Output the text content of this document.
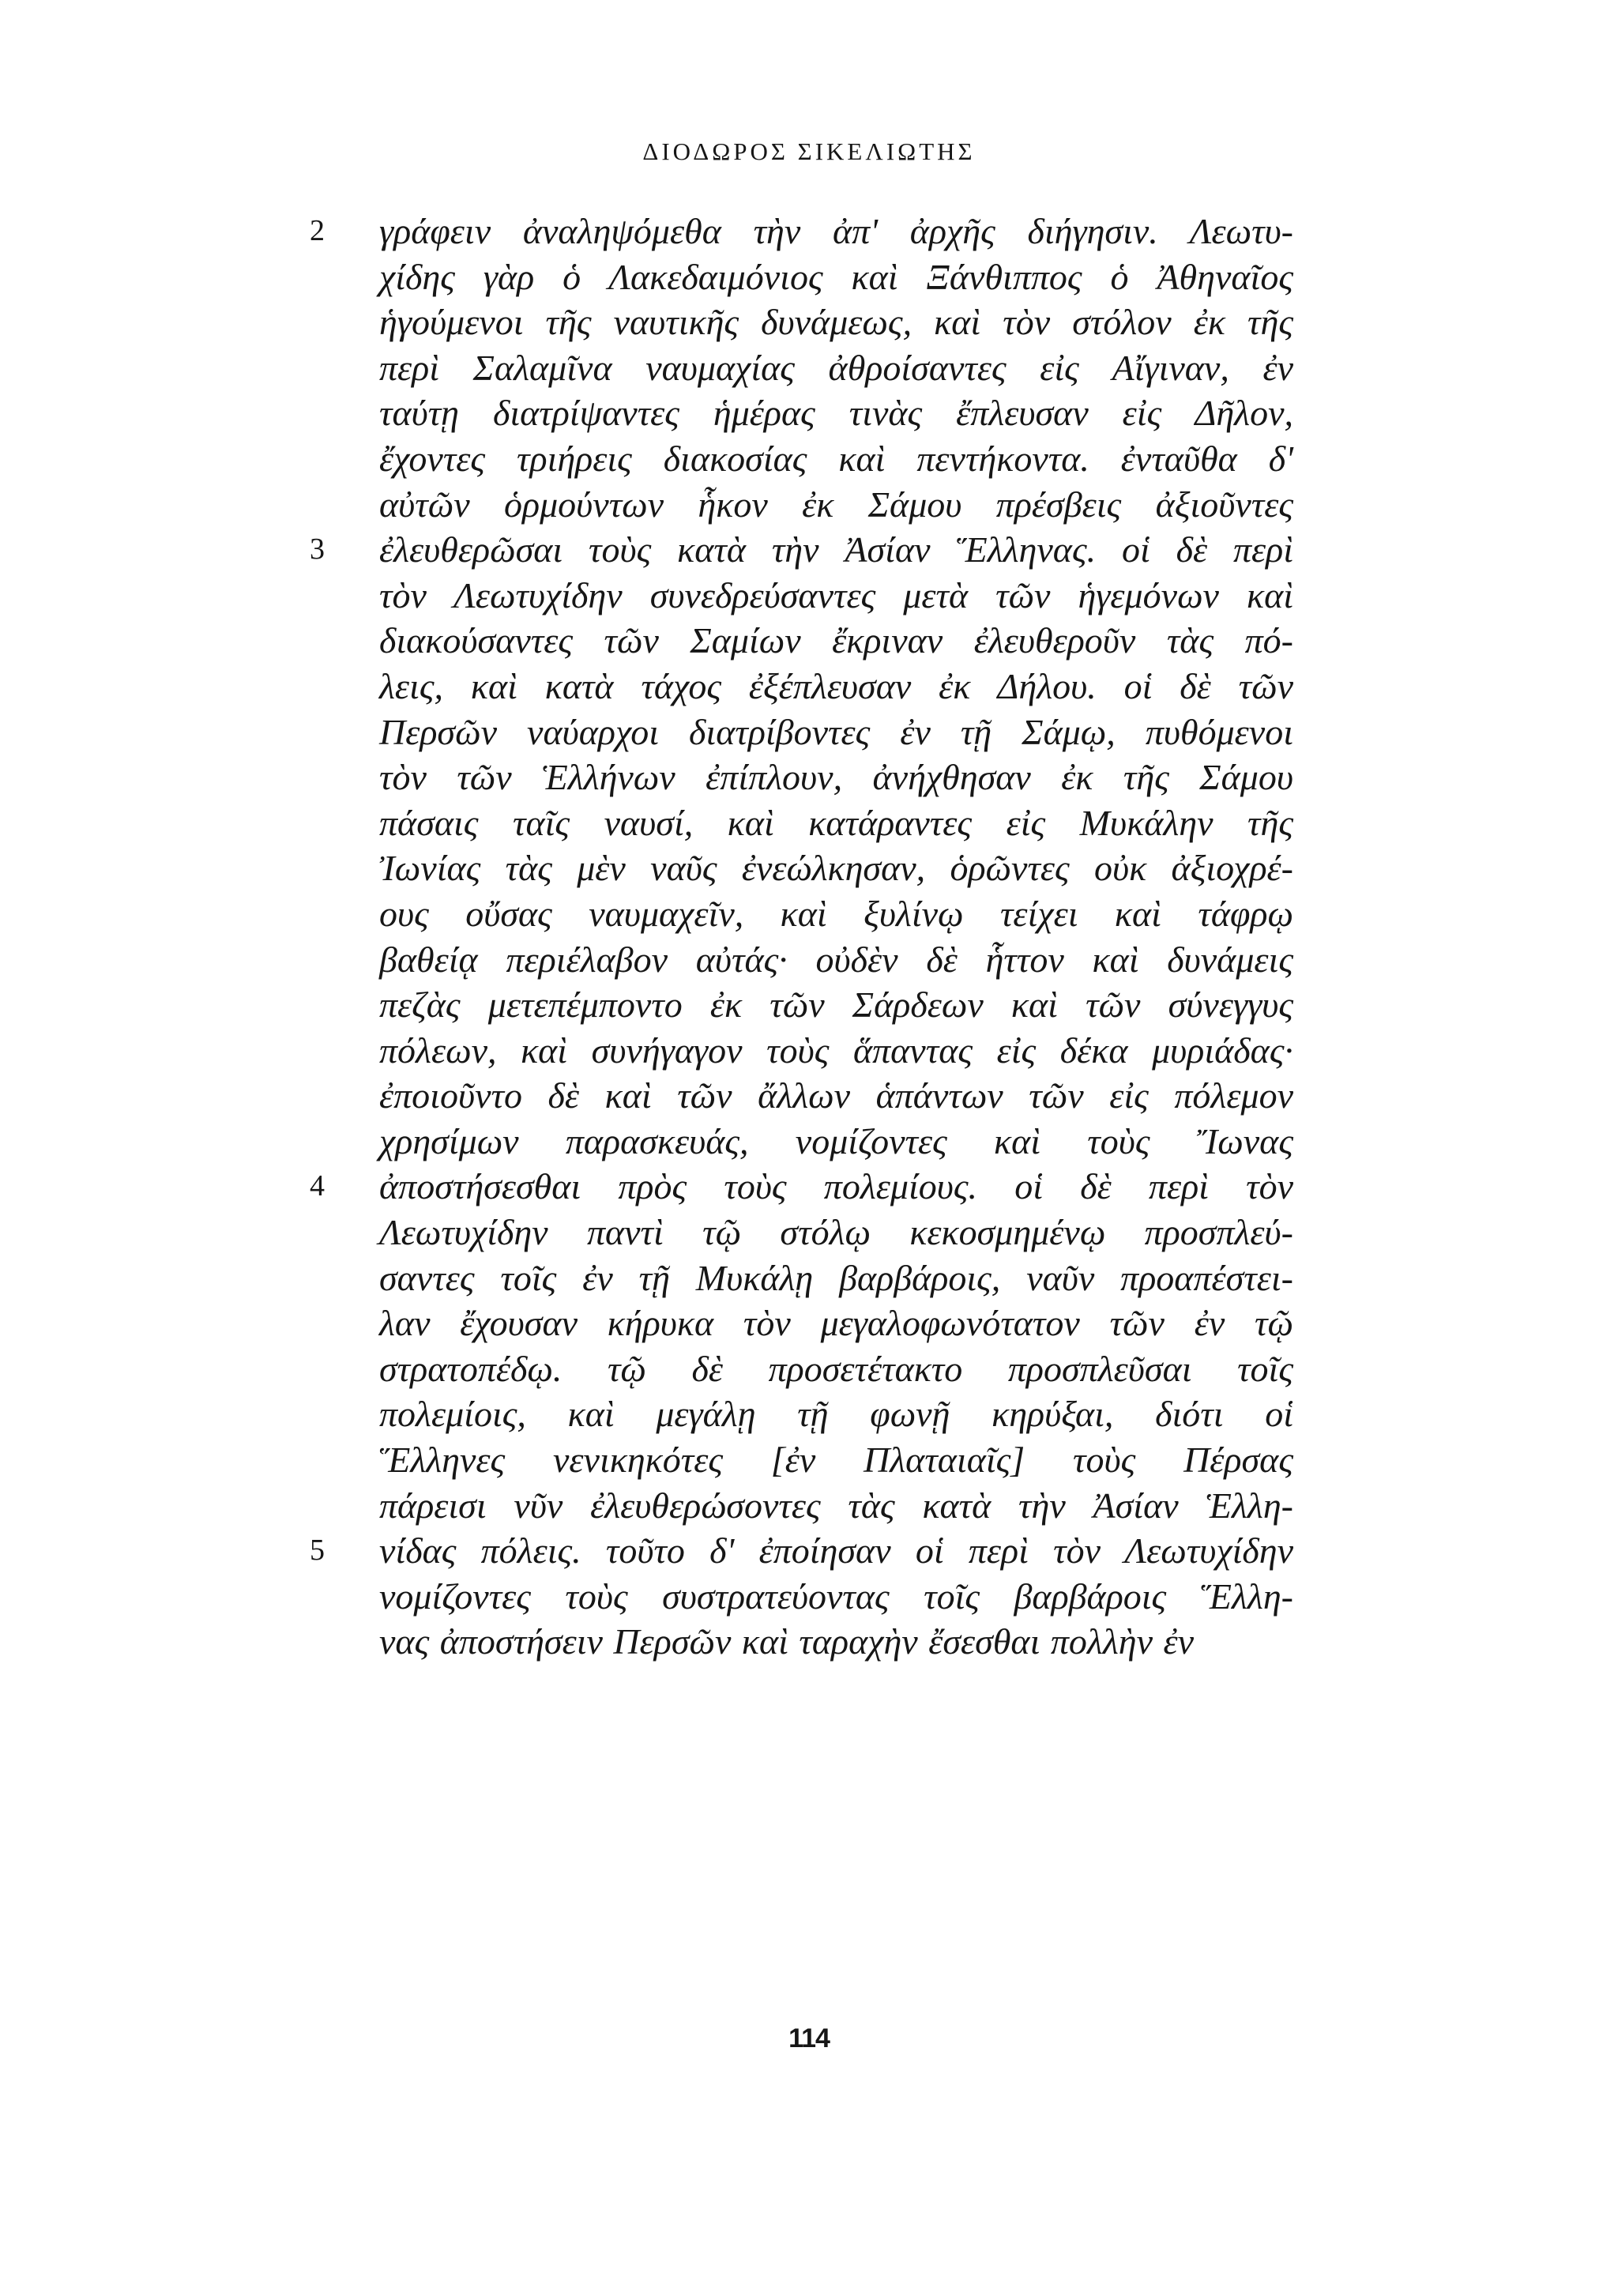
ΔΙΟΔΩΡΟΣ ΣΙΚΕΛΙΩΤΗΣ
2 γράφειν ἀναληψόμεθα τὴν ἀπ' ἀρχῆς διήγησιν. Λεωτυ-
χίδης γὰρ ὁ Λακεδαιμόνιος καὶ Ξάνθιππος ὁ Ἀθηναῖος
ἡγούμενοι τῆς ναυτικῆς δυνάμεως, καὶ τὸν στόλον ἐκ τῆς
περὶ Σαλαμῖνα ναυμαχίας ἀθροίσαντες εἰς Αἴγιναν, ἐν
ταύτῃ διατρίψαντες ἡμέρας τινὰς ἔπλευσαν εἰς Δῆλον,
ἔχοντες τριήρεις διακοσίας καὶ πεντήκοντα. ἐνταῦθα δ'
αὐτῶν ὁρμούντων ἧκον ἐκ Σάμου πρέσβεις ἀξιοῦντες
3 ἐλευθερῶσαι τοὺς κατὰ τὴν Ἀσίαν Ἕλληνας. οἱ δὲ περὶ
τὸν Λεωτυχίδην συνεδρεύσαντες μετὰ τῶν ἡγεμόνων καὶ
διακούσαντες τῶν Σαμίων ἔκριναν ἐλευθεροῦν τὰς πό-
λεις, καὶ κατὰ τάχος ἐξέπλευσαν ἐκ Δήλου. οἱ δὲ τῶν
Περσῶν ναύαρχοι διατρίβοντες ἐν τῇ Σάμῳ, πυθόμενοι
τὸν τῶν Ἑλλήνων ἐπίπλουν, ἀνήχθησαν ἐκ τῆς Σάμου
πάσαις ταῖς ναυσί, καὶ κατάραντες εἰς Μυκάλην τῆς
Ἰωνίας τὰς μὲν ναῦς ἐνεώλκησαν, ὁρῶντες οὐκ ἀξιοχρέ-
ους οὔσας ναυμαχεῖν, καὶ ξυλίνῳ τείχει καὶ τάφρῳ
βαθείᾳ περιέλαβον αὐτάς· οὐδὲν δὲ ἧττον καὶ δυνάμεις
πεζὰς μετεπέμποντο ἐκ τῶν Σάρδεων καὶ τῶν σύνεγγυς
πόλεων, καὶ συνήγαγον τοὺς ἅπαντας εἰς δέκα μυριάδας·
ἐποιοῦντο δὲ καὶ τῶν ἄλλων ἁπάντων τῶν εἰς πόλεμον
χρησίμων παρασκευάς, νομίζοντες καὶ τοὺς Ἴωνας
4 ἀποστήσεσθαι πρὸς τοὺς πολεμίους. οἱ δὲ περὶ τὸν
Λεωτυχίδην παντὶ τῷ στόλῳ κεκοσμημένῳ προσπλεύ-
σαντες τοῖς ἐν τῇ Μυκάλῃ βαρβάροις, ναῦν προαπέστει-
λαν ἔχουσαν κήρυκα τὸν μεγαλοφωνότατον τῶν ἐν τῷ
στρατοπέδῳ. τῷ δὲ προσετέτακτο προσπλεῦσαι τοῖς
πολεμίοις, καὶ μεγάλῃ τῇ φωνῇ κηρύξαι, διότι οἱ
Ἕλληνες νενικηκότες [ἐν Πλαταιαῖς] τοὺς Πέρσας
πάρεισι νῦν ἐλευθερώσοντες τὰς κατὰ τὴν Ἀσίαν Ἑλλη-
5 νίδας πόλεις. τοῦτο δ' ἐποίησαν οἱ περὶ τὸν Λεωτυχίδην
νομίζοντες τοὺς συστρατεύοντας τοῖς βαρβάροις Ἕλλη-
νας ἀποστήσειν Περσῶν καὶ ταραχὴν ἔσεσθαι πολλὴν ἐν
114
